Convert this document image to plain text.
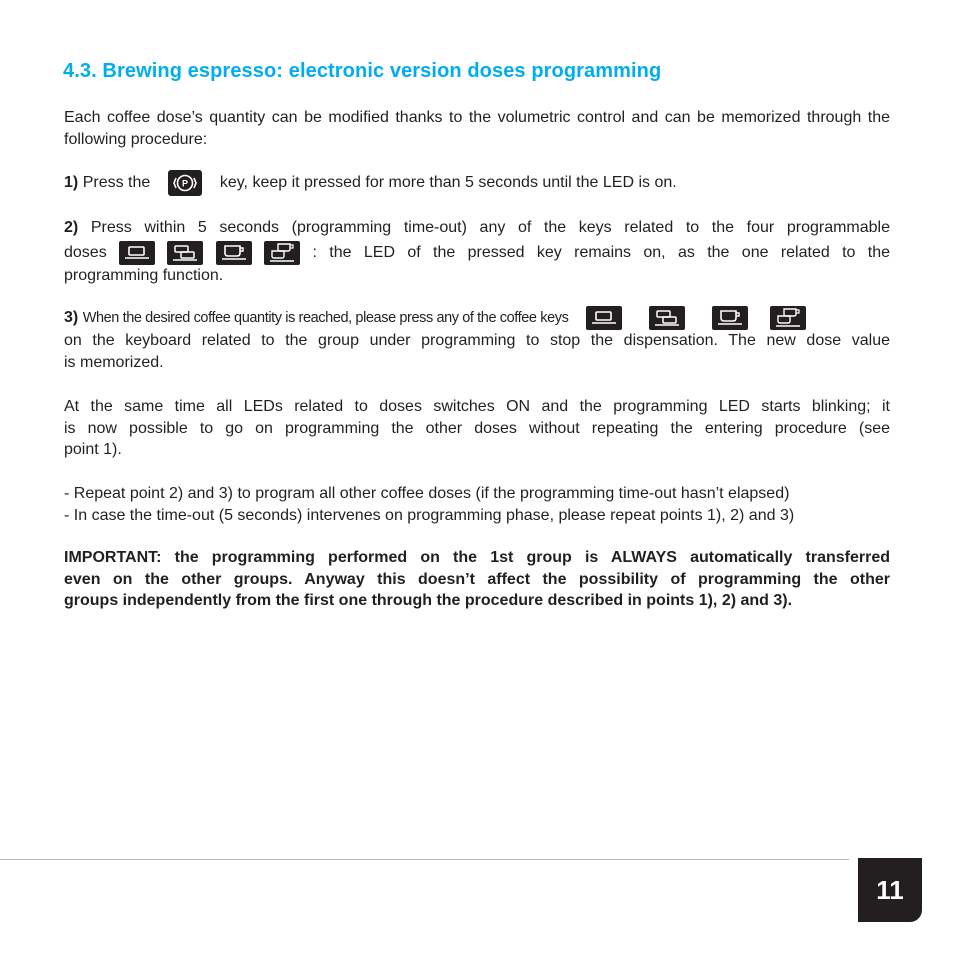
4.3. Brewing espresso: electronic version doses programming

Each coffee dose’s quantity can be modified thanks to the volumetric control and can be memorized through the following procedure:

1) Press the	P key, keep it pressed for more than 5 seconds until the LED is on.
2) Press within 5 seconds (programming time-out) any of the keys related to the four programmable
doses

	: the LED of the pressed key remains on, as the one related to the
programming function.
3) When the desired coffee quantity is reached, please press any of the coffee keys

on the keyboard related to the group under programming to stop the dispensation. The new dose value
is memorized.
At the same time all LEDs related to doses switches ON and the programming LED starts blinking; it
is now possible to go on programming the other doses without repeating the entering procedure (see
point 1).
- Repeat point 2) and 3) to program all other coffee doses (if the programming time-out hasn’t elapsed)
- In case the time-out (5 seconds) intervenes on programming phase, please repeat points 1), 2) and 3)
IMPORTANT: the programming performed on the 1st group is ALWAYS automatically transferred
even on the other groups. Anyway this doesn’t affect the possibility of programming the other
groups independently from the first one through the procedure described in points 1), 2) and 3).
11
